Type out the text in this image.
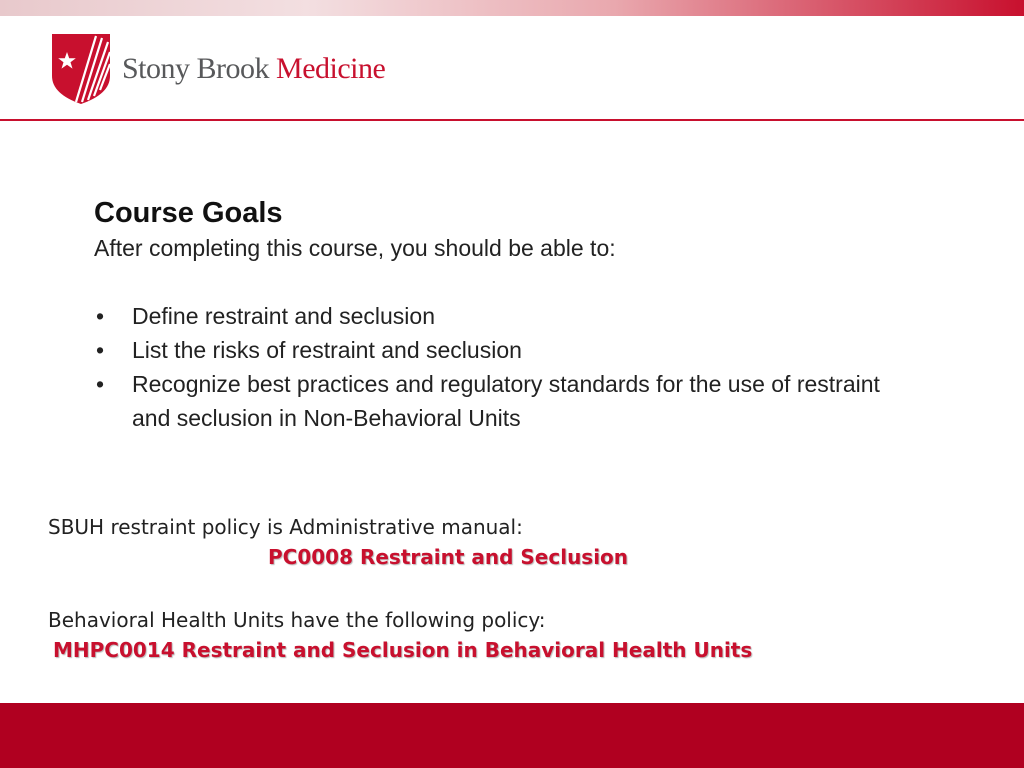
Stony Brook Medicine
Course Goals

After completing this course, you should be able to:

• Define restraint and seclusion
• List the risks of restraint and seclusion
• Recognize best practices and regulatory standards for the use of restraint and seclusion in Non-Behavioral Units

SBUH restraint policy is Administrative manual:

PC0008 Restraint and Seclusion

Behavioral Health Units have the following policy:

MHPC0014 Restraint and Seclusion in Behavioral Health Units
